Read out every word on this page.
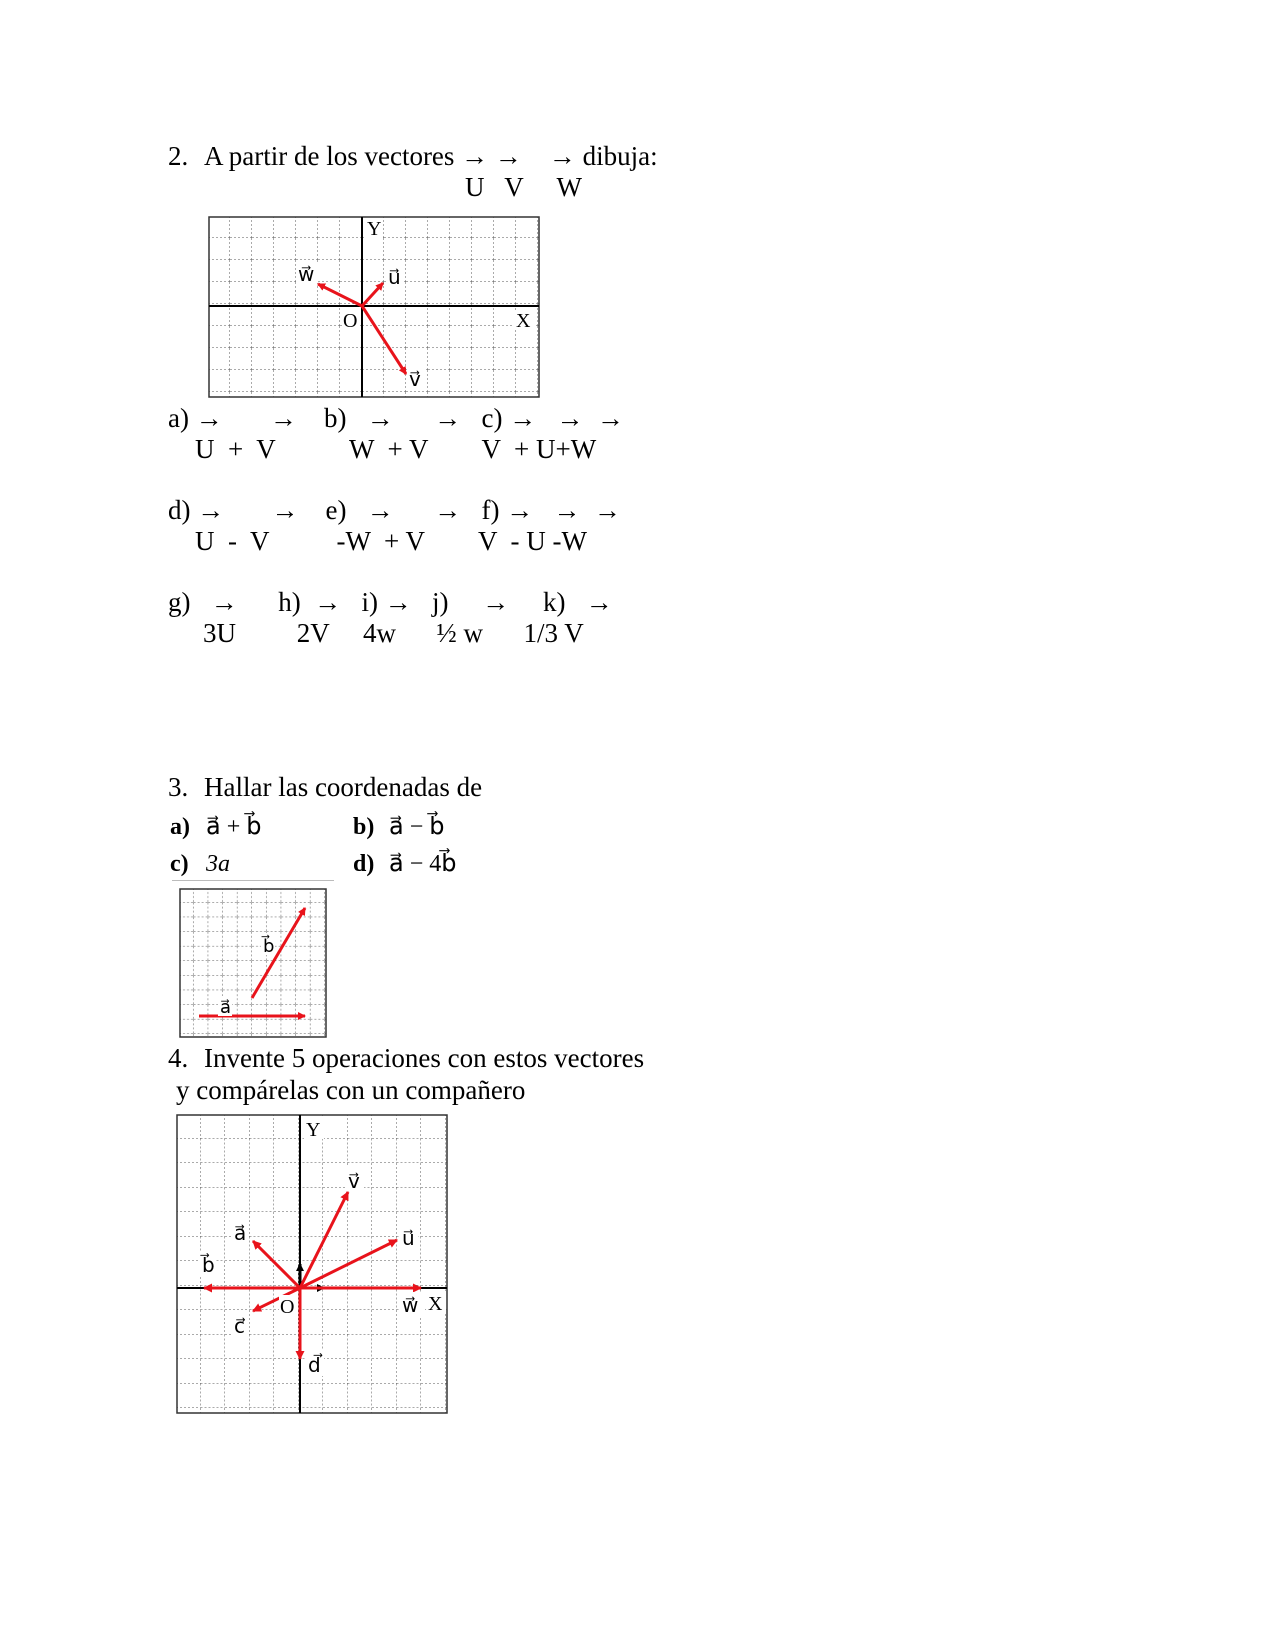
2. A partir de los vectores → →    → dibuja:
U   V     W
Y
X
O
u⃗
w⃗
v⃗
a) →       →    b)   →      →   c) →   →  →
U  +  V           W  + V        V  + U+W
d) →       →    e)   →      →   f) →   →  →
U  -  V          -W  + V        V  - U -W
g)   →      h)  →   i) →   j)     →     k)   →
3U         2V     4w      ½ w      1/3 V
3. Hallar las coordenadas de
a) a⃗ + b⃗	b) a⃗ − b⃗
c) 3a⃗	d) a⃗ − 4b⃗
a⃗
b⃗
4. Invente 5 operaciones con estos vectores
y compárelas con un compañero
Y
X
O
a⃗
b⃗
c⃗
d⃗
v⃗
u⃗
w⃗
